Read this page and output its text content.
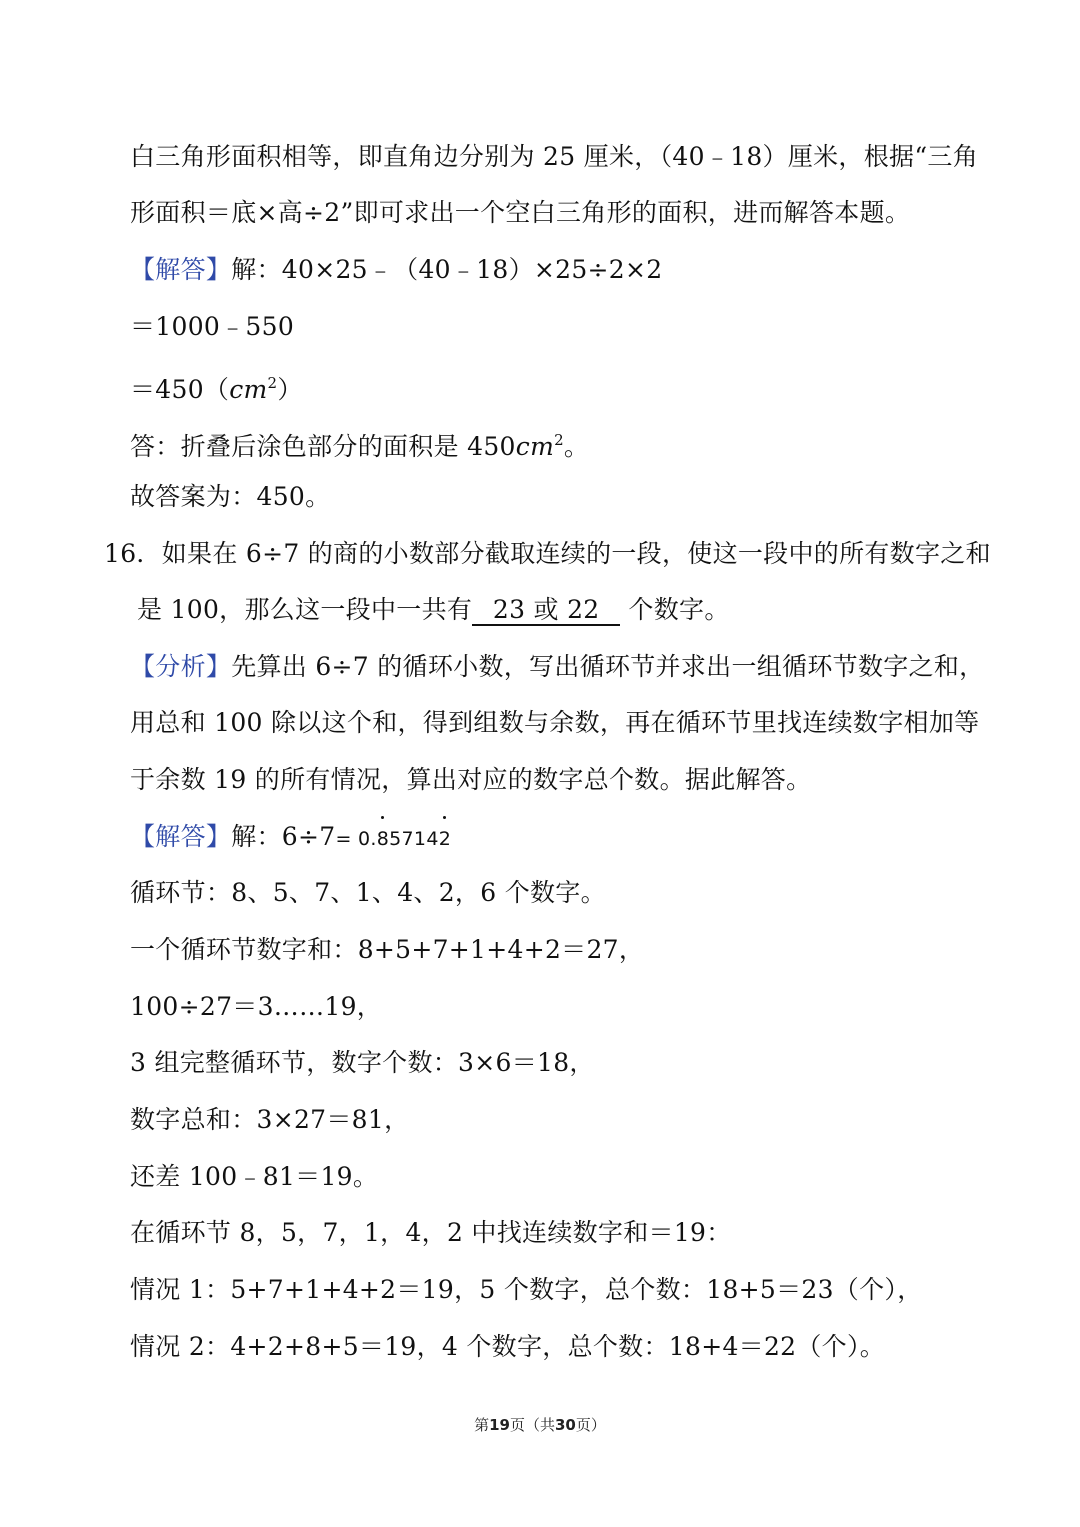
白三角形面积相等，即直角边分别为 25 厘米，（40﹣18）厘米，根据“三角
形面积＝底×高÷2”即可求出一个空白三角形的面积，进而解答本题。
【解答】解：40×25﹣（40﹣18）×25÷2×2
＝1000﹣550
$=450(cm^2)$
答：折叠后涂色部分的面积是 $450cm^2$。
故答案为：450。
16．如果在 6÷7 的商的小数部分截取连续的一段，使这一段中的所有数字之和
是 100，那么这一段中一共有 23 或 22 个数字。
【分析】先算出 6÷7 的循环小数，写出循环节并求出一组循环节数字之和，
用总和 100 除以这个和，得到组数与余数，再在循环节里找连续数字相加等
于余数 19 的所有情况，算出对应的数字总个数。据此解答。
【解答】解：6÷7= 0.857142
循环节：8、5、7、1、4、2，6 个数字。
一个循环节数字和：8+5+7+1+4+2＝27，
100÷27＝3……19，
3 组完整循环节，数字个数：3×6＝18，
数字总和：3×27＝81，
还差 100﹣81＝19。
在循环节 8，5，7，1，4，2 中找连续数字和＝19：
情况 1：5+7+1+4+2＝19，5 个数字，总个数：18+5＝23（个），
情况 2：4+2+8+5＝19，4 个数字，总个数：18+4＝22（个）。
第19页（共30页）
